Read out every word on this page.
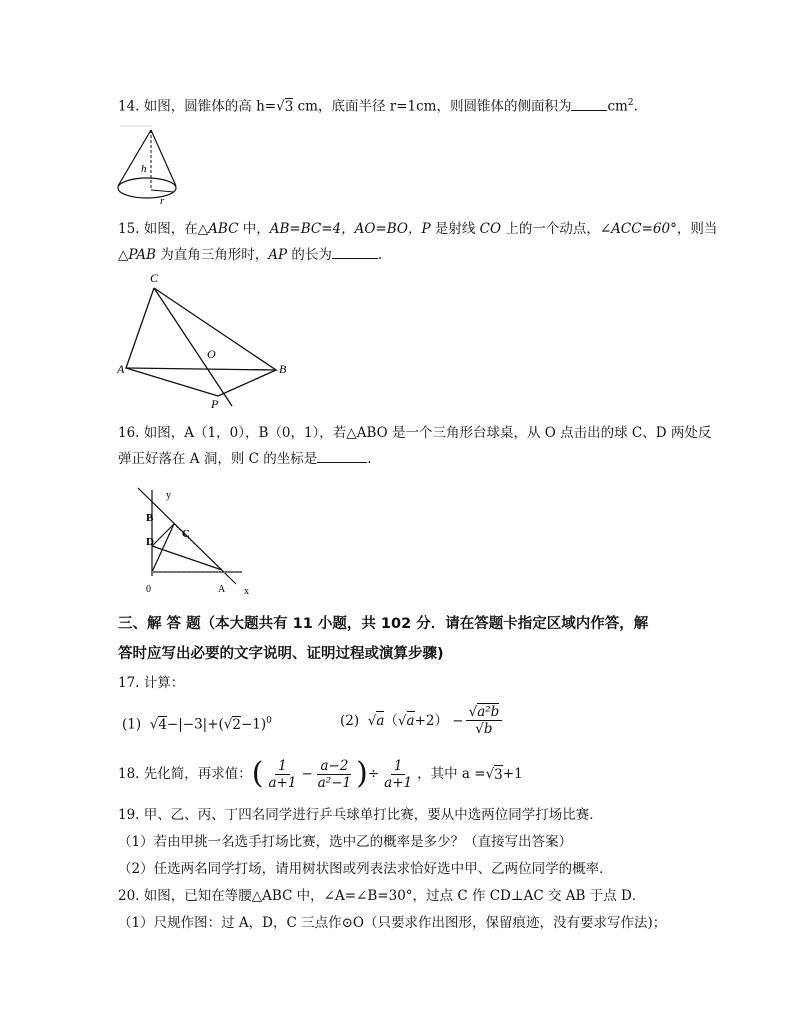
14. 如图，圆锥体的高 h=√3 cm，底面半径 r=1cm，则圆锥体的侧面积为	$cm^2$.
h
r
15. 如图，在△ABC 中，AB=BC=4，AO=BO，P 是射线 CO 上的一个动点，∠ACC=60°，则当
△PAB 为直角三角形时，AP 的长为	.
C
O
A	B
P
16. 如图，A（1，0），B（0，1），若△ABO 是一个三角形台球桌，从 O 点击出的球 C、D 两处反
弹正好落在 A 洞，则 C 的坐标是	.
y
B
C
D
0	A x
三、解 答 题（本大题共有 11 小题，共 102 分．请在答题卡指定区域内作答，解
答时应写出必要的文字说明、证明过程或演算步骤)
17. 计算：
(1)  $√4-|-3|+(√2-1)^0$	(2)
√ a （ √ $a +2) - \frac{\text{√a²b}}{√b}$
18. 先化简，再求值： ( $\frac{1}{a+1} - \frac{a-2}{\text{a²−1}}$ ) ÷ $\frac{1}{a+1}$ ，其中 a = √ 3 +1
19. 甲、乙、丙、丁四名同学进行乒乓球单打比赛，要从中选两位同学打场比赛．
（1）若由甲挑一名选手打场比赛，选中乙的概率是多少？（直接写出答案）
（2）任选两名同学打场，请用树状图或列表法求恰好选中甲、乙两位同学的概率．
20. 如图，已知在等腰△ABC 中，∠A=∠B=30°，过点 C 作 CD⊥AC 交 AB 于点 D．
（1）尺规作图：过 A，D，C 三点作⊙O（只要求作出图形，保留痕迹，没有要求写作法)；
